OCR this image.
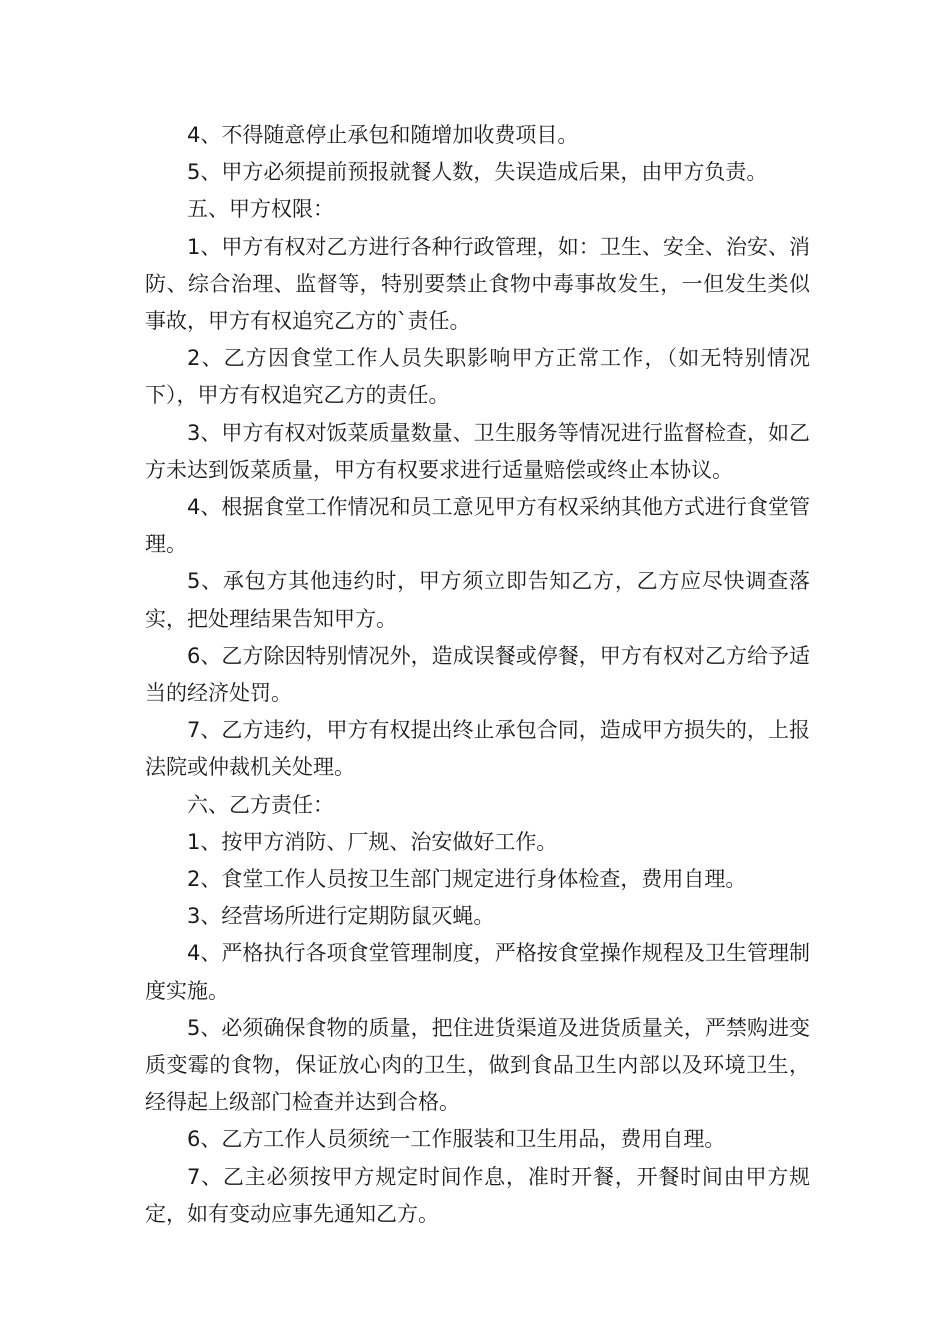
4、不得随意停止承包和随增加收费项目。

5、甲方必须提前预报就餐人数，失误造成后果，由甲方负责。

五、甲方权限：

1、甲方有权对乙方进行各种行政管理，如：卫生、安全、治安、消防、综合治理、监督等，特别要禁止食物中毒事故发生，一但发生类似事故，甲方有权追究乙方的`责任。

2、乙方因食堂工作人员失职影响甲方正常工作，（如无特别情况下），甲方有权追究乙方的责任。

3、甲方有权对饭菜质量数量、卫生服务等情况进行监督检查，如乙方未达到饭菜质量，甲方有权要求进行适量赔偿或终止本协议。

4、根据食堂工作情况和员工意见甲方有权采纳其他方式进行食堂管理。

5、承包方其他违约时，甲方须立即告知乙方，乙方应尽快调查落实，把处理结果告知甲方。

6、乙方除因特别情况外，造成误餐或停餐，甲方有权对乙方给予适当的经济处罚。

7、乙方违约，甲方有权提出终止承包合同，造成甲方损失的，上报法院或仲裁机关处理。

六、乙方责任：

1、按甲方消防、厂规、治安做好工作。

2、食堂工作人员按卫生部门规定进行身体检查，费用自理。

3、经营场所进行定期防鼠灭蝇。

4、严格执行各项食堂管理制度，严格按食堂操作规程及卫生管理制度实施。

5、必须确保食物的质量，把住进货渠道及进货质量关，严禁购进变质变霉的食物，保证放心肉的卫生，做到食品卫生内部以及环境卫生，经得起上级部门检查并达到合格。

6、乙方工作人员须统一工作服装和卫生用品，费用自理。

7、乙主必须按甲方规定时间作息，准时开餐，开餐时间由甲方规定，如有变动应事先通知乙方。
